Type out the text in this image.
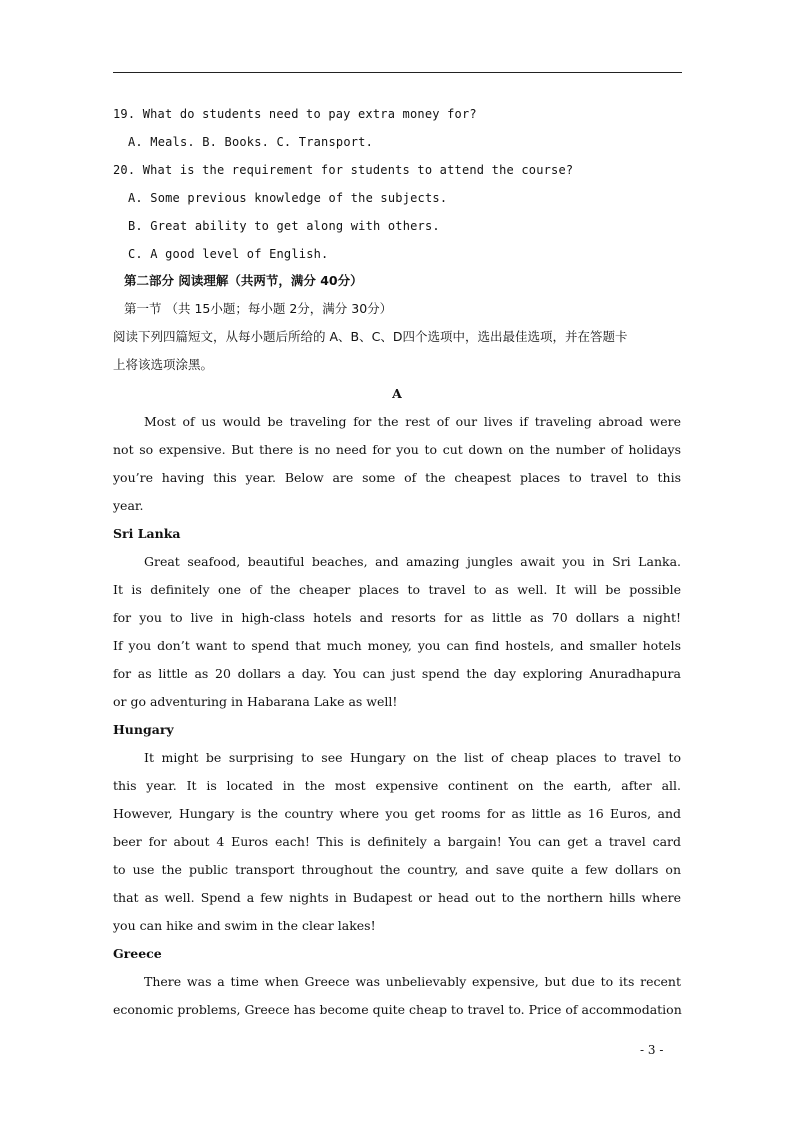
19. What do students need to pay extra money for?
A. Meals. B. Books. C. Transport.
20. What is the requirement for students to attend the course?
A. Some previous knowledge of the subjects.
B. Great ability to get along with others.
C. A good level of English.
第二部分 阅读理解（共两节，满分 40分）
第一节 （共 15小题；每小题 2分，满分 30分）
阅读下列四篇短文，从每小题后所给的 A、B、C、D四个选项中，选出最佳选项，并在答题卡
上将该选项涂黑。
A
Most of us would be traveling for the rest of our lives if traveling abroad were
not so expensive. But there is no need for you to cut down on the number of holidays
you’re having this year. Below are some of the cheapest places to travel to this
year.
Sri Lanka
Great seafood, beautiful beaches, and amazing jungles await you in Sri Lanka.
It is definitely one of the cheaper places to travel to as well. It will be possible
for you to live in high-class hotels and resorts for as little as 70 dollars a night!
If you don’t want to spend that much money, you can find hostels, and smaller hotels
for as little as 20 dollars a day. You can just spend the day exploring Anuradhapura
or go adventuring in Habarana Lake as well!
Hungary
It might be surprising to see Hungary on the list of cheap places to travel to
this year. It is located in the most expensive continent on the earth, after all.
However, Hungary is the country where you get rooms for as little as 16 Euros, and
beer for about 4 Euros each! This is definitely a bargain! You can get a travel card
to use the public transport throughout the country, and save quite a few dollars on
that as well. Spend a few nights in Budapest or head out to the northern hills where
you can hike and swim in the clear lakes!
Greece
There was a time when Greece was unbelievably expensive, but due to its recent
economic problems, Greece has become quite cheap to travel to. Price of accommodation
- 3 -
